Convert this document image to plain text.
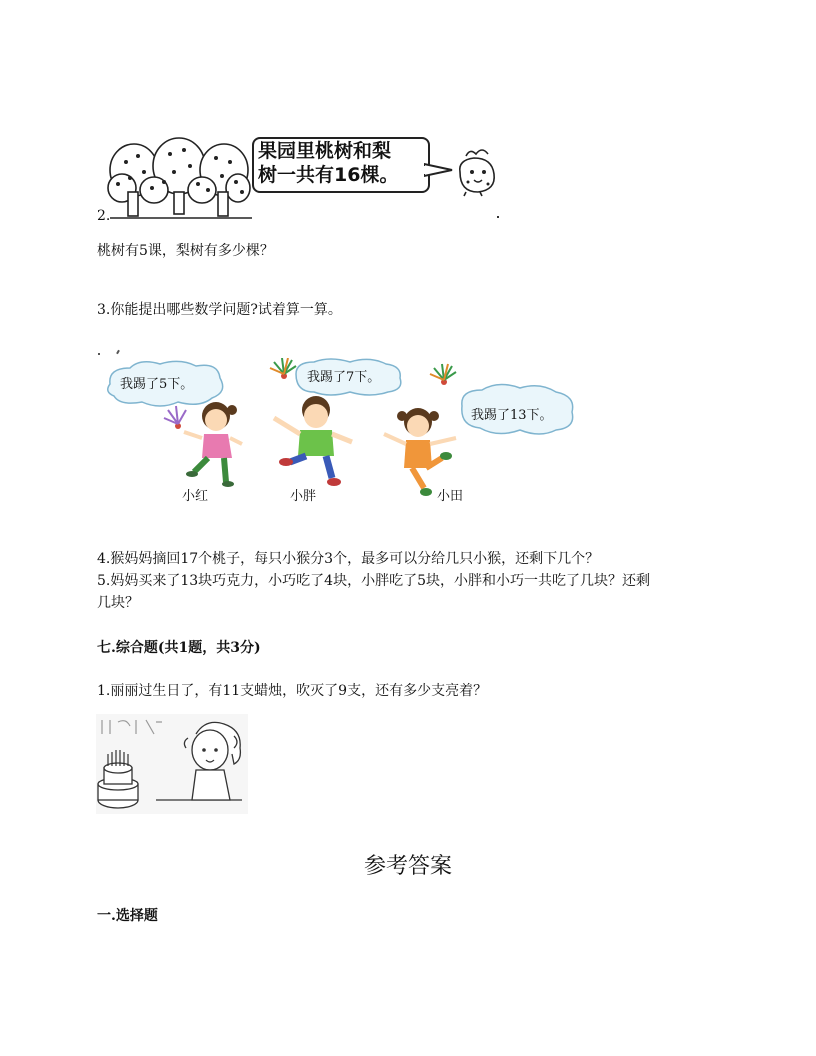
果园里桃树和梨
树一共有16棵。
2.
桃树有5课，梨树有多少棵？
3.你能提出哪些数学问题?试着算一算。
我踢了5下。	我踢了7下。
我踢了13下。
小红	小胖	小田
4.猴妈妈摘回17个桃子，每只小猴分3个，最多可以分给几只小猴，还剩下几个？
5.妈妈买来了13块巧克力，小巧吃了4块，小胖吃了5块，小胖和小巧一共吃了几块？还剩
几块？
七.综合题(共1题，共3分)
1.丽丽过生日了，有11支蜡烛，吹灭了9支，还有多少支亮着？
参考答案
一.选择题
